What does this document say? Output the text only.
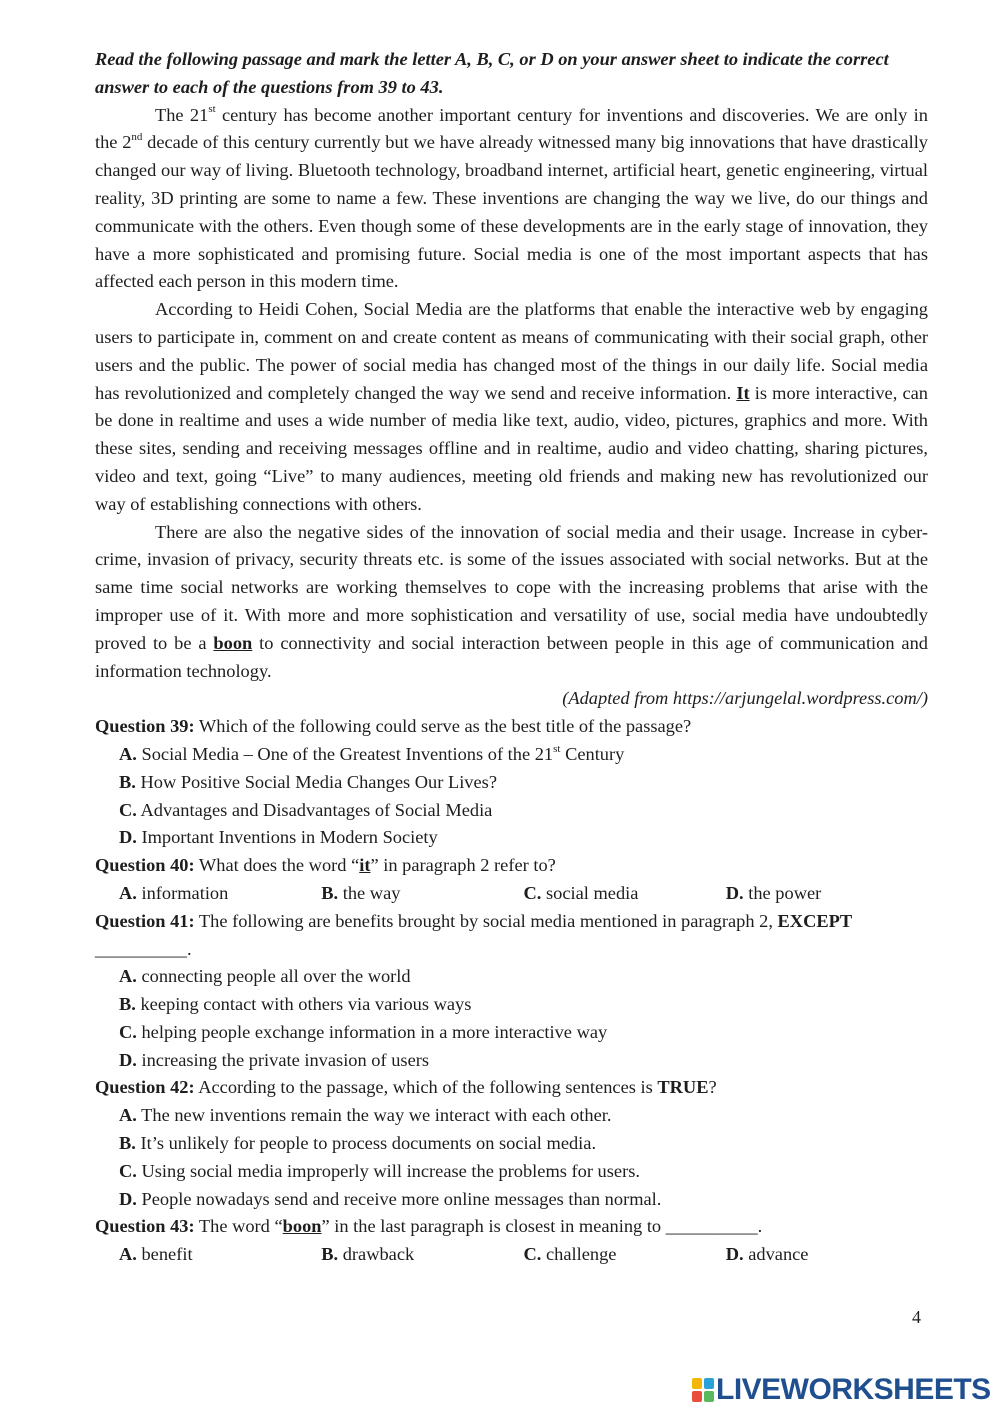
Read the following passage and mark the letter A, B, C, or D on your answer sheet to indicate the correct answer to each of the questions from 39 to 43.

The 21st century has become another important century for inventions and discoveries. We are only in the 2nd decade of this century currently but we have already witnessed many big innovations that have drastically changed our way of living. Bluetooth technology, broadband internet, artificial heart, genetic engineering, virtual reality, 3D printing are some to name a few. These inventions are changing the way we live, do our things and communicate with the others. Even though some of these developments are in the early stage of innovation, they have a more sophisticated and promising future. Social media is one of the most important aspects that has affected each person in this modern time.

According to Heidi Cohen, Social Media are the platforms that enable the interactive web by engaging users to participate in, comment on and create content as means of communicating with their social graph, other users and the public. The power of social media has changed most of the things in our daily life. Social media has revolutionized and completely changed the way we send and receive information. It is more interactive, can be done in realtime and uses a wide number of media like text, audio, video, pictures, graphics and more. With these sites, sending and receiving messages offline and in realtime, audio and video chatting, sharing pictures, video and text, going “Live” to many audiences, meeting old friends and making new has revolutionized our way of establishing connections with others.

There are also the negative sides of the innovation of social media and their usage. Increase in cyber-crime, invasion of privacy, security threats etc. is some of the issues associated with social networks. But at the same time social networks are working themselves to cope with the increasing problems that arise with the improper use of it. With more and more sophistication and versatility of use, social media have undoubtedly proved to be a boon to connectivity and social interaction between people in this age of communication and information technology.

(Adapted from https://arjungelal.wordpress.com/)

Question 39: Which of the following could serve as the best title of the passage?

A. Social Media – One of the Greatest Inventions of the 21st Century

B. How Positive Social Media Changes Our Lives?

C. Advantages and Disadvantages of Social Media

D. Important Inventions in Modern Society

Question 40: What does the word “it” in paragraph 2 refer to?

A. information	B. the way	C. social media	D. the power

Question 41: The following are benefits brought by social media mentioned in paragraph 2, EXCEPT

__________.

A. connecting people all over the world

B. keeping contact with others via various ways

C. helping people exchange information in a more interactive way

D. increasing the private invasion of users

Question 42: According to the passage, which of the following sentences is TRUE?

A. The new inventions remain the way we interact with each other.

B. It’s unlikely for people to process documents on social media.

C. Using social media improperly will increase the problems for users.

D. People nowadays send and receive more online messages than normal.

Question 43: The word “boon” in the last paragraph is closest in meaning to __________.

A. benefit	B. drawback	C. challenge	D. advance

4
LIVEWORKSHEETS
